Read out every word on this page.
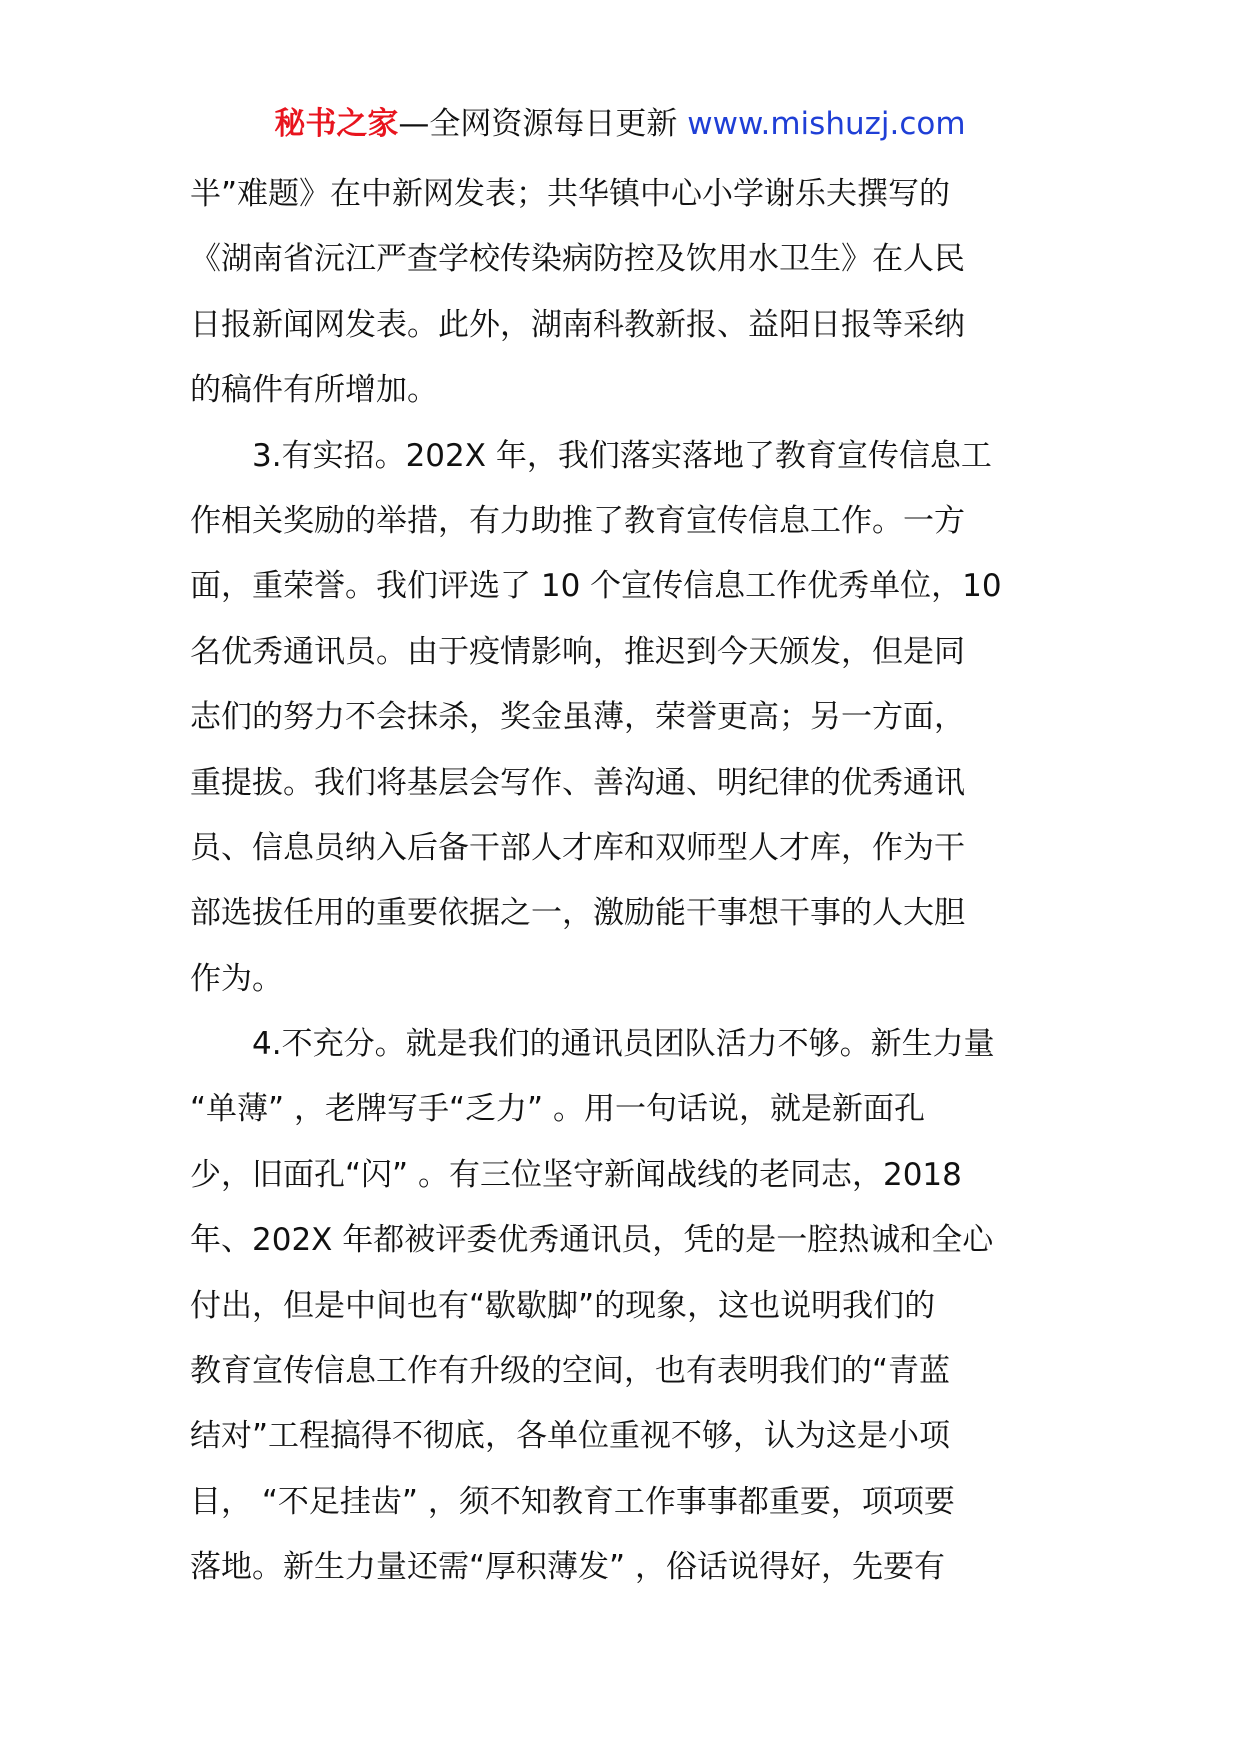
秘书之家—全网资源每日更新 www.mishuzj.com
半”难题》在中新网发表；共华镇中心小学谢乐夫撰写的
《湖南省沅江严查学校传染病防控及饮用水卫生》在人民
日报新闻网发表。此外，湖南科教新报、益阳日报等采纳
的稿件有所增加。
　　3.有实招。202X 年，我们落实落地了教育宣传信息工
作相关奖励的举措，有力助推了教育宣传信息工作。一方
面，重荣誉。我们评选了 10 个宣传信息工作优秀单位，10
名优秀通讯员。由于疫情影响，推迟到今天颁发，但是同
志们的努力不会抹杀，奖金虽薄，荣誉更高；另一方面，
重提拔。我们将基层会写作、善沟通、明纪律的优秀通讯
员、信息员纳入后备干部人才库和双师型人才库，作为干
部选拔任用的重要依据之一，激励能干事想干事的人大胆
作为。
　　4.不充分。就是我们的通讯员团队活力不够。新生力量
“单薄” ，老牌写手“乏力” 。用一句话说，就是新面孔
少，旧面孔“闪” 。有三位坚守新闻战线的老同志，2018
年、202X 年都被评委优秀通讯员，凭的是一腔热诚和全心
付出，但是中间也有“歇歇脚”的现象，这也说明我们的
教育宣传信息工作有升级的空间，也有表明我们的“青蓝
结对”工程搞得不彻底，各单位重视不够，认为这是小项
目， “不足挂齿” ，须不知教育工作事事都重要，项项要
落地。新生力量还需“厚积薄发” ，俗话说得好，先要有
